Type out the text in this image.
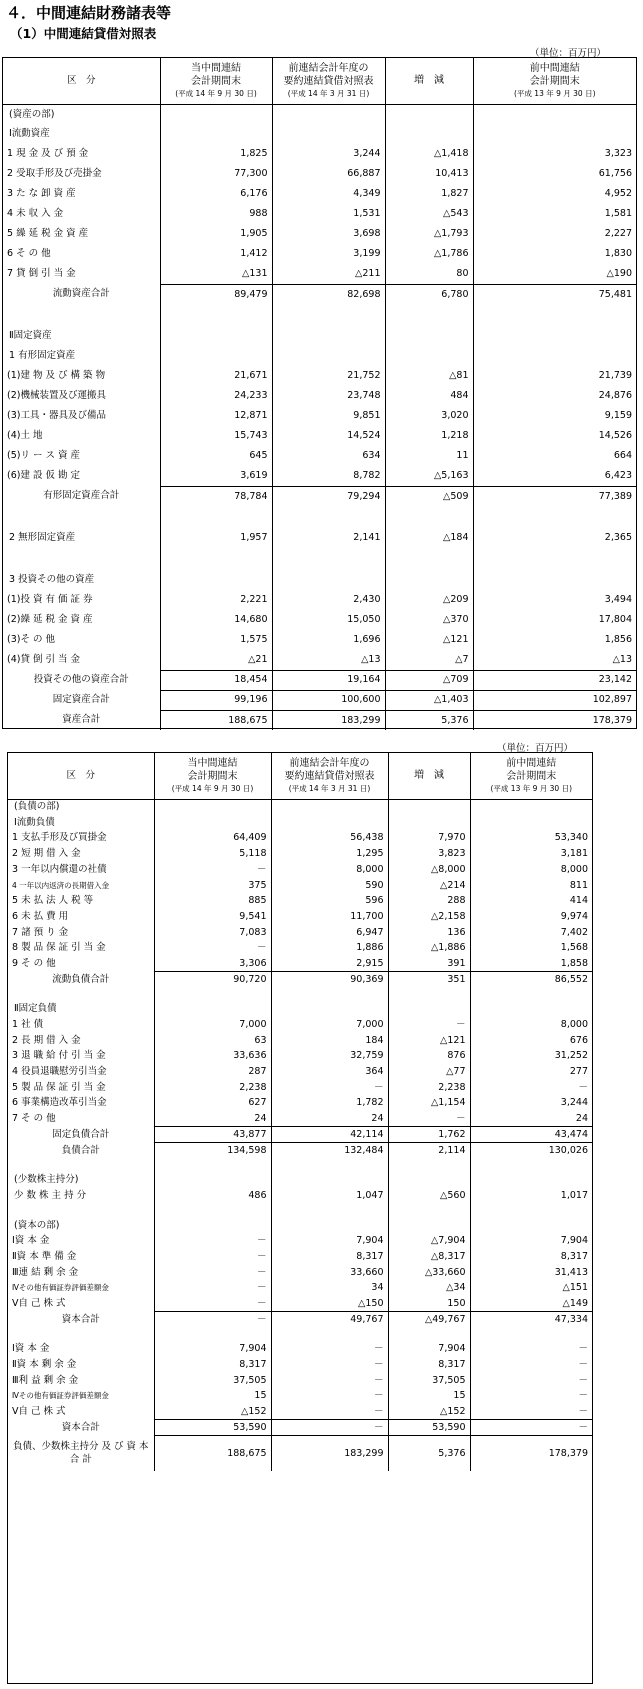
４．中間連結財務諸表等
（1）中間連結貸借対照表
（単位：百万円）
区　分	当中間連結
会計期間末
(平成 14 年 9 月 30 日)	前連結会計年度の
要約連結貸借対照表
(平成 14 年 3 月 31 日)	増　減	前中間連結
会計期間末
(平成 13 年 9 月 30 日)

(資産の部)				
Ⅰ流動資産				
1 現 金 及 び 預 金	1,825	3,244	△1,418	3,323
2 受取手形及び売掛金	77,300	66,887	10,413	61,756
3 た な 卸 資 産	6,176	4,349	1,827	4,952
4 未 収 入 金	988	1,531	△543	1,581
5 繰 延 税 金 資 産	1,905	3,698	△1,793	2,227
6 そ の 他	1,412	3,199	△1,786	1,830
7 貸 倒 引 当 金	△131	△211	80	△190
流動資産合計	89,479	82,698	6,780	75,481

Ⅱ固定資産				
1 有形固定資産				
(1)建 物 及 び 構 築 物	21,671	21,752	△81	21,739
(2)機械装置及び運搬具	24,233	23,748	484	24,876
(3)工具・器具及び備品	12,871	9,851	3,020	9,159
(4)土 地	15,743	14,524	1,218	14,526
(5)リ ー ス 資 産	645	634	11	664
(6)建 設 仮 勘 定	3,619	8,782	△5,163	6,423
有形固定資産合計	78,784	79,294	△509	77,389

2 無形固定資産	1,957	2,141	△184	2,365

3 投資その他の資産				
(1)投 資 有 価 証 券	2,221	2,430	△209	3,494
(2)繰 延 税 金 資 産	14,680	15,050	△370	17,804
(3)そ の 他	1,575	1,696	△121	1,856
(4)貸 倒 引 当 金	△21	△13	△7	△13
投資その他の資産合計	18,454	19,164	△709	23,142
固定資産合計	99,196	100,600	△1,403	102,897
資産合計	188,675	183,299	5,376	178,379
（単位：百万円）
区　分	当中間連結
会計期間末
(平成 14 年 9 月 30 日)	前連結会計年度の
要約連結貸借対照表
(平成 14 年 3 月 31 日)	増　減	前中間連結
会計期間末
(平成 13 年 9 月 30 日)

(負債の部)				
Ⅰ流動負債				
1 支払手形及び買掛金	64,409	56,438	7,970	53,340
2 短 期 借 入 金	5,118	1,295	3,823	3,181
3 一年以内償還の社債	－	8,000	△8,000	8,000
4 一年以内返済の長期借入金	375	590	△214	811
5 未 払 法 人 税 等	885	596	288	414
6 未 払 費 用	9,541	11,700	△2,158	9,974
7 諸 預 り 金	7,083	6,947	136	7,402
8 製 品 保 証 引 当 金	－	1,886	△1,886	1,568
9 そ の 他	3,306	2,915	391	1,858
流動負債合計	90,720	90,369	351	86,552

Ⅱ固定負債				
1 社 債	7,000	7,000	－	8,000
2 長 期 借 入 金	63	184	△121	676
3 退 職 給 付 引 当 金	33,636	32,759	876	31,252
4 役員退職慰労引当金	287	364	△77	277
5 製 品 保 証 引 当 金	2,238	－	2,238	－
6 事業構造改革引当金	627	1,782	△1,154	3,244
7 そ の 他	24	24	－	24
固定負債合計	43,877	42,114	1,762	43,474
負債合計	134,598	132,484	2,114	130,026

(少数株主持分)				
少 数 株 主 持 分	486	1,047	△560	1,017

(資本の部)				
Ⅰ資 本 金	－	7,904	△7,904	7,904
Ⅱ資 本 準 備 金	－	8,317	△8,317	8,317
Ⅲ連 結 剰 余 金	－	33,660	△33,660	31,413
Ⅳその他有価証券評価差額金	－	34	△34	△151
Ⅴ自 己 株 式	－	△150	150	△149
資本合計	－	49,767	△49,767	47,334

Ⅰ資 本 金	7,904	－	7,904	－
Ⅱ資 本 剰 余 金	8,317	－	8,317	－
Ⅲ利 益 剰 余 金	37,505	－	37,505	－
Ⅳその他有価証券評価差額金	15	－	15	－
Ⅴ自 己 株 式	△152	－	△152	－
資本合計	53,590	－	53,590	－
負債、少数株主持分 及 び 資 本 合 計	188,675	183,299	5,376	178,379
